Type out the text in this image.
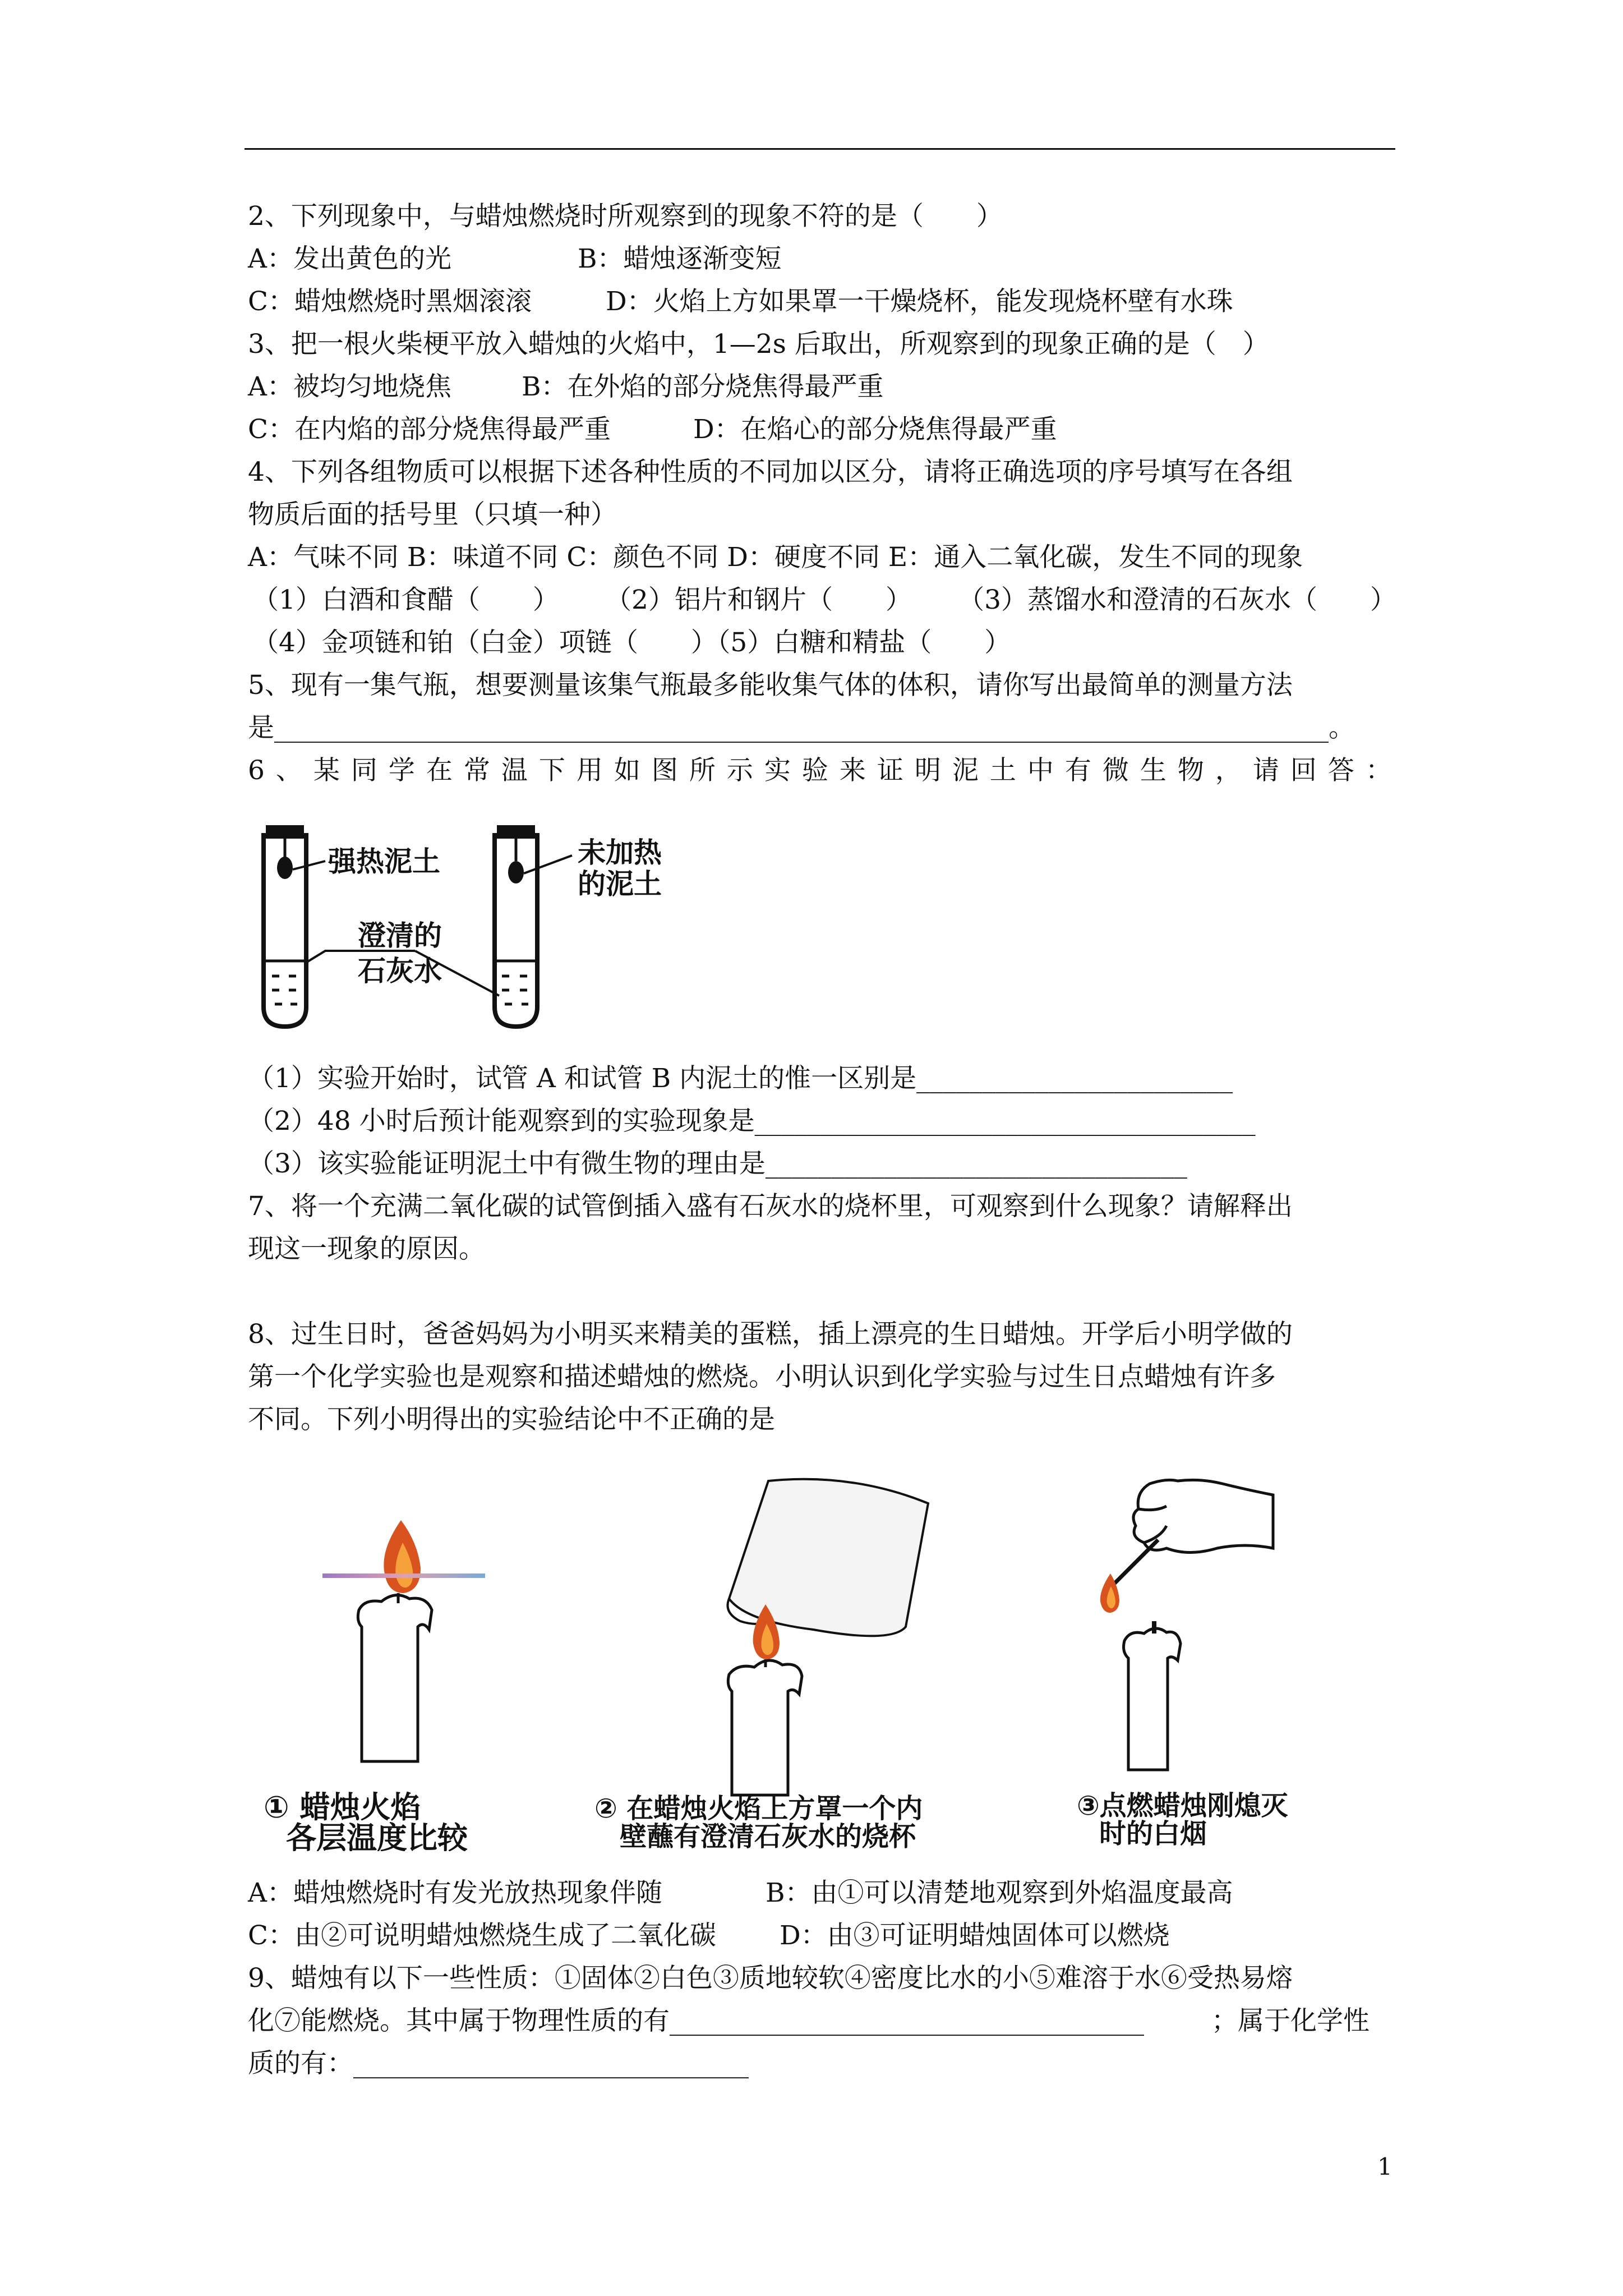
2、下列现象中，与蜡烛燃烧时所观察到的现象不符的是（　　）
A：发出黄色的光	B：蜡烛逐渐变短
C：蜡烛燃烧时黑烟滚滚	D：火焰上方如果罩一干燥烧杯，能发现烧杯壁有水珠
3、把一根火柴梗平放入蜡烛的火焰中，1—2s 后取出，所观察到的现象正确的是（　）
A：被均匀地烧焦	B：在外焰的部分烧焦得最严重
C：在内焰的部分烧焦得最严重	D：在焰心的部分烧焦得最严重
4、下列各组物质可以根据下述各种性质的不同加以区分，请将正确选项的序号填写在各组
物质后面的括号里（只填一种）
A：气味不同 B：味道不同 C：颜色不同 D：硬度不同 E：通入二氧化碳，发生不同的现象
（1）白酒和食醋（　　） （2）铝片和钢片（　　） （3）蒸馏水和澄清的石灰水（　　）
（4）金项链和铂（白金）项链（　　）（5）白糖和精盐（　　）
5、现有一集气瓶，想要测量该集气瓶最多能收集气体的体积，请你写出最简单的测量方法
是________________________________________________________________________________。
6、某同学在常温下用如图所示实验来证明泥土中有微生物，请回答：
强热泥土	未加热
的泥土
澄清的
石灰水
（1）实验开始时，试管 A 和试管 B 内泥土的惟一区别是________________________
（2）48 小时后预计能观察到的实验现象是______________________________________
（3）该实验能证明泥土中有微生物的理由是________________________________
7、将一个充满二氧化碳的试管倒插入盛有石灰水的烧杯里，可观察到什么现象？请解释出
现这一现象的原因。
8、过生日时，爸爸妈妈为小明买来精美的蛋糕，插上漂亮的生日蜡烛。开学后小明学做的
第一个化学实验也是观察和描述蜡烛的燃烧。小明认识到化学实验与过生日点蜡烛有许多
不同。下列小明得出的实验结论中不正确的是
① 蜡烛火焰
各层温度比较
② 在蜡烛火焰上方罩一个内
壁蘸有澄清石灰水的烧杯
③点燃蜡烛刚熄灭
时的白烟
A：蜡烛燃烧时有发光放热现象伴随	B：由①可以清楚地观察到外焰温度最高
C：由②可说明蜡烛燃烧生成了二氧化碳 D：由③可证明蜡烛固体可以燃烧
9、蜡烛有以下一些性质：①固体②白色③质地较软④密度比水的小⑤难溶于水⑥受热易熔
化⑦能燃烧。其中属于物理性质的有____________________________________	；属于化学性
质的有：______________________________
1
